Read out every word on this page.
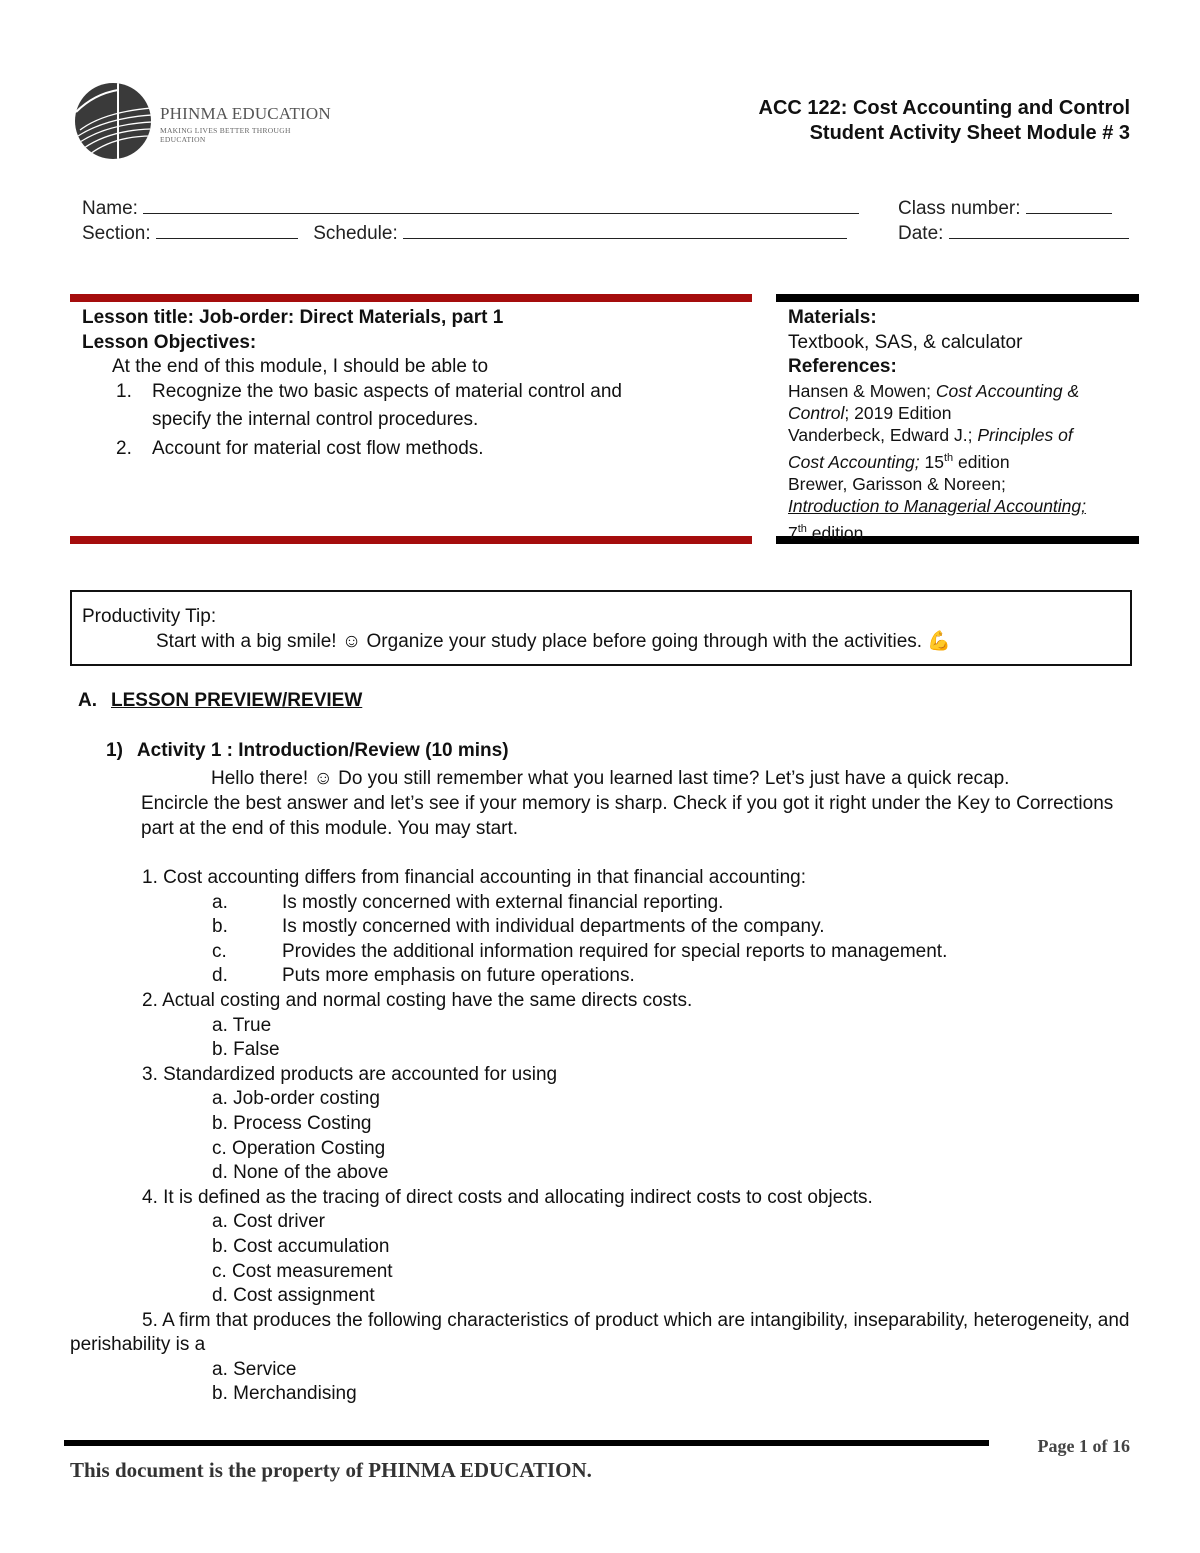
PHINMA EDUCATION
MAKING LIVES BETTER THROUGH EDUCATION
ACC 122: Cost Accounting and Control
Student Activity Sheet Module # 3
Name:	Class number:
Section:	Schedule:	Date:
Lesson title: Job-order: Direct Materials, part 1
Lesson Objectives:
At the end of this module, I should be able to
1. Recognize the two basic aspects of material control and
specify the internal control procedures.
2. Account for material cost flow methods.
Materials:
Textbook, SAS, & calculator
References:
Hansen & Mowen; Cost Accounting &
Control; 2019 Edition
Vanderbeck, Edward J.; Principles of
Cost Accounting; 15th edition
Brewer, Garisson & Noreen;
Introduction to Managerial Accounting;
7th edition
Productivity Tip:
Start with a big smile! ☺ Organize your study place before going through with the activities. 💪
A. LESSON PREVIEW/REVIEW
1) Activity 1 : Introduction/Review (10 mins)
Hello there! ☺ Do you still remember what you learned last time? Let’s just have a quick recap.
Encircle the best answer and let’s see if your memory is sharp. Check if you got it right under the Key to Corrections part at the end of this module. You may start.
1. Cost accounting differs from financial accounting in that financial accounting:
a.	Is mostly concerned with external financial reporting.
b.	Is mostly concerned with individual departments of the company.
c.	Provides the additional information required for special reports to management.
d.	Puts more emphasis on future operations.
2. Actual costing and normal costing have the same directs costs.
a. True
b. False
3. Standardized products are accounted for using
a. Job-order costing
b. Process Costing
c. Operation Costing
d. None of the above
4. It is defined as the tracing of direct costs and allocating indirect costs to cost objects.
a. Cost driver
b. Cost accumulation
c. Cost measurement
d. Cost assignment
5. A firm that produces the following characteristics of product which are intangibility, inseparability, heterogeneity, and perishability is a
a. Service
b. Merchandising
Page 1 of 16
This document is the property of PHINMA EDUCATION.
